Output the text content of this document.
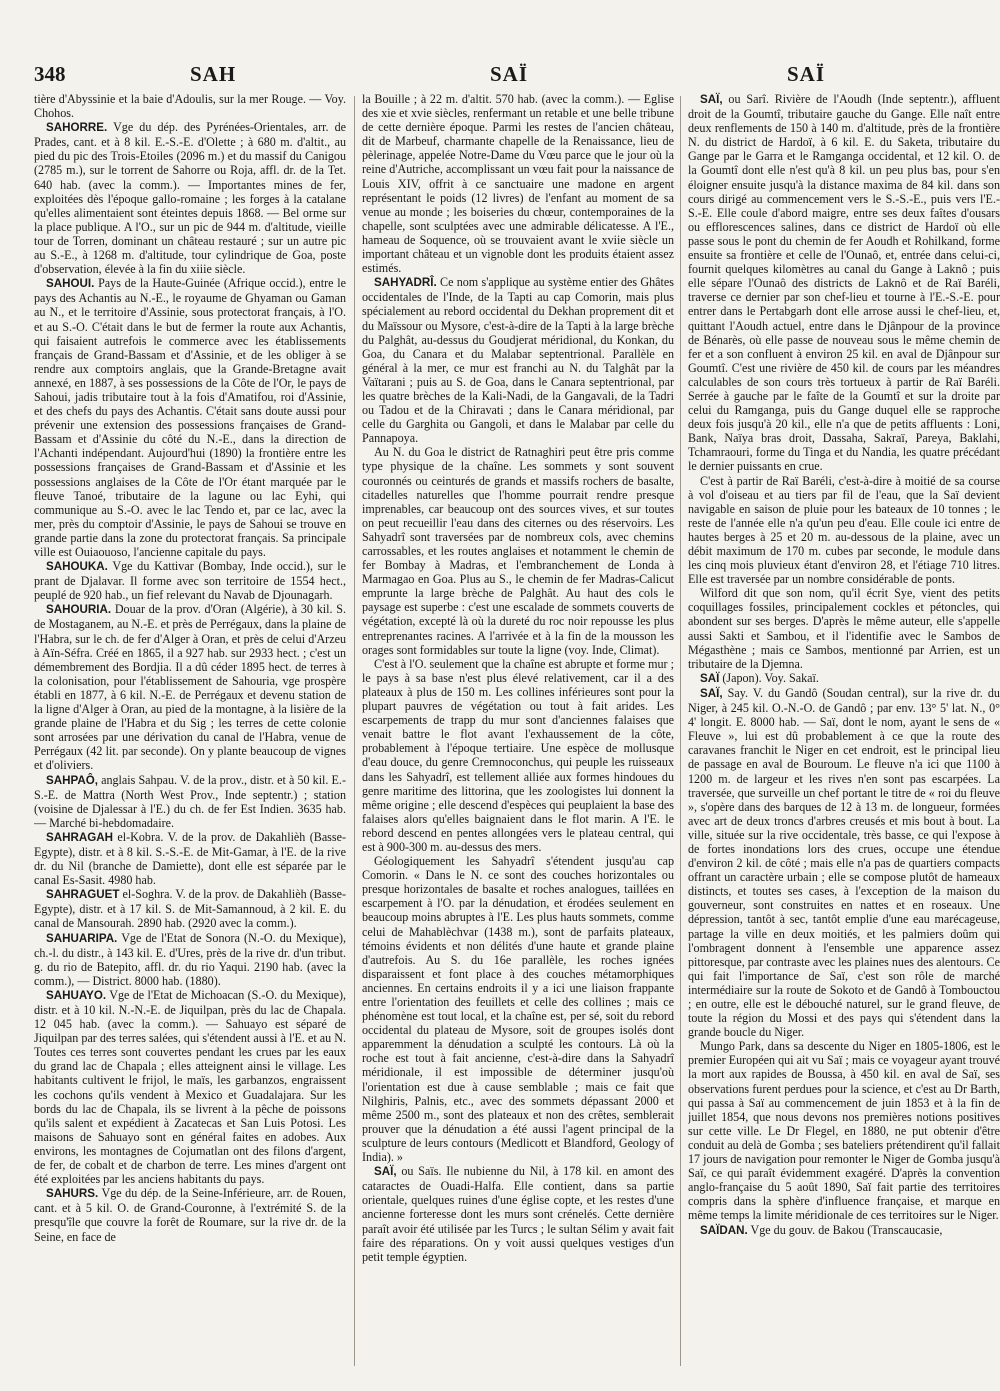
348	SAH	SAÏ	SAÏ

tière d'Abyssinie et la baie d'Adoulis, sur la mer Rouge. — Voy. Chohos.

SAHORRE. Vge du dép. des Pyrénées-Orientales, arr. de Prades, cant. et à 8 kil. E.-S.-E. d'Olette ; à 680 m. d'altit., au pied du pic des Trois-Etoiles (2096 m.) et du massif du Canigou (2785 m.), sur le torrent de Sahorre ou Roja, affl. dr. de la Tet. 640 hab. (avec la comm.). — Importantes mines de fer, exploitées dès l'époque gallo-romaine ; les forges à la catalane qu'elles alimentaient sont éteintes depuis 1868. — Bel orme sur la place publique. A l'O., sur un pic de 944 m. d'altitude, vieille tour de Torren, dominant un château restauré ; sur un autre pic au S.-E., à 1268 m. d'altitude, tour cylindrique de Goa, poste d'observation, élevée à la fin du xiiie siècle.

SAHOUI. Pays de la Haute-Guinée (Afrique occid.), entre le pays des Achantis au N.-E., le royaume de Ghyaman ou Gaman au N., et le territoire d'Assinie, sous protectorat français, à l'O. et au S.-O. C'était dans le but de fermer la route aux Achantis, qui faisaient autrefois le commerce avec les établissements français de Grand-Bassam et d'Assinie, et de les obliger à se rendre aux comptoirs anglais, que la Grande-Bretagne avait annexé, en 1887, à ses possessions de la Côte de l'Or, le pays de Sahoui, jadis tributaire tout à la fois d'Amatifou, roi d'Assinie, et des chefs du pays des Achantis. C'était sans doute aussi pour prévenir une extension des possessions françaises de Grand-Bassam et d'Assinie du côté du N.-E., dans la direction de l'Achanti indépendant. Aujourd'hui (1890) la frontière entre les possessions françaises de Grand-Bassam et d'Assinie et les possessions anglaises de la Côte de l'Or étant marquée par le fleuve Tanoé, tributaire de la lagune ou lac Eyhi, qui communique au S.-O. avec le lac Tendo et, par ce lac, avec la mer, près du comptoir d'Assinie, le pays de Sahoui se trouve en grande partie dans la zone du protectorat français. Sa principale ville est Ouiaouoso, l'ancienne capitale du pays.

SAHOUKA. Vge du Kattivar (Bombay, Inde occid.), sur le prant de Djalavar. Il forme avec son territoire de 1554 hect., peuplé de 920 hab., un fief relevant du Navab de Djounagarh.

SAHOURIA. Douar de la prov. d'Oran (Algérie), à 30 kil. S. de Mostaganem, au N.-E. et près de Perrégaux, dans la plaine de l'Habra, sur le ch. de fer d'Alger à Oran, et près de celui d'Arzeu à Aïn-Séfra. Créé en 1865, il a 927 hab. sur 2933 hect. ; c'est un démembrement des Bordjia. Il a dû céder 1895 hect. de terres à la colonisation, pour l'établissement de Sahouria, vge prospère établi en 1877, à 6 kil. N.-E. de Perrégaux et devenu station de la ligne d'Alger à Oran, au pied de la montagne, à la lisière de la grande plaine de l'Habra et du Sig ; les terres de cette colonie sont arrosées par une dérivation du canal de l'Habra, venue de Perrégaux (42 lit. par seconde). On y plante beaucoup de vignes et d'oliviers.

SAHPAÔ, anglais Sahpau. V. de la prov., distr. et à 50 kil. E.-S.-E. de Mattra (North West Prov., Inde septentr.) ; station (voisine de Djalessar à l'E.) du ch. de fer Est Indien. 3635 hab. — Marché bi-hebdomadaire.

SAHRAGAH el-Kobra. V. de la prov. de Dakahlièh (Basse-Egypte), distr. et à 8 kil. S.-S.-E. de Mit-Gamar, à l'E. de la rive dr. du Nil (branche de Damiette), dont elle est séparée par le canal Es-Sasit. 4980 hab.

SAHRAGUET el-Soghra. V. de la prov. de Dakahlièh (Basse-Egypte), distr. et à 17 kil. S. de Mit-Samannoud, à 2 kil. E. du canal de Mansourah. 2890 hab. (2920 avec la comm.).

SAHUARIPA. Vge de l'Etat de Sonora (N.-O. du Mexique), ch.-l. du distr., à 143 kil. E. d'Ures, près de la rive dr. d'un tribut. g. du rio de Batepito, affl. dr. du rio Yaqui. 2190 hab. (avec la comm.), — District. 8000 hab. (1880).

SAHUAYO. Vge de l'Etat de Michoacan (S.-O. du Mexique), distr. et à 10 kil. N.-N.-E. de Jiquilpan, près du lac de Chapala. 12 045 hab. (avec la comm.). — Sahuayo est séparé de Jiquilpan par des terres salées, qui s'étendent aussi à l'E. et au N. Toutes ces terres sont couvertes pendant les crues par les eaux du grand lac de Chapala ; elles atteignent ainsi le village. Les habitants cultivent le frijol, le maïs, les garbanzos, engraissent les cochons qu'ils vendent à Mexico et Guadalajara. Sur les bords du lac de Chapala, ils se livrent à la pêche de poissons qu'ils salent et expédient à Zacatecas et San Luis Potosi. Les maisons de Sahuayo sont en général faites en adobes. Aux environs, les montagnes de Cojumatlan ont des filons d'argent, de fer, de cobalt et de charbon de terre. Les mines d'argent ont été exploitées par les anciens habitants du pays.

SAHURS. Vge du dép. de la Seine-Inférieure, arr. de Rouen, cant. et à 5 kil. O. de Grand-Couronne, à l'extrémité S. de la presqu'île que couvre la forêt de Roumare, sur la rive dr. de la Seine, en face de

la Bouille ; à 22 m. d'altit. 570 hab. (avec la comm.). — Eglise des xie et xvie siècles, renfermant un retable et une belle tribune de cette dernière époque. Parmi les restes de l'ancien château, dit de Marbeuf, charmante chapelle de la Renaissance, lieu de pèlerinage, appelée Notre-Dame du Vœu parce que le jour où la reine d'Autriche, accomplissant un vœu fait pour la naissance de Louis XIV, offrit à ce sanctuaire une madone en argent représentant le poids (12 livres) de l'enfant au moment de sa venue au monde ; les boiseries du chœur, contemporaines de la chapelle, sont sculptées avec une admirable délicatesse. A l'E., hameau de Soquence, où se trouvaient avant le xviie siècle un important château et un vignoble dont les produits étaient assez estimés.

SAHYADRÎ. Ce nom s'applique au système entier des Ghâtes occidentales de l'Inde, de la Tapti au cap Comorin, mais plus spécialement au rebord occidental du Dekhan proprement dit et du Maïssour ou Mysore, c'est-à-dire de la Tapti à la large brèche du Palghât, au-dessus du Goudjerat méridional, du Konkan, du Goa, du Canara et du Malabar septentrional. Parallèle en général à la mer, ce mur est franchi au N. du Talghât par la Vaïtarani ; puis au S. de Goa, dans le Canara septentrional, par les quatre brèches de la Kali-Nadi, de la Gangavali, de la Tadri ou Tadou et de la Chiravati ; dans le Canara méridional, par celle du Garghita ou Gangoli, et dans le Malabar par celle du Pannapoya.

Au N. du Goa le district de Ratnaghiri peut être pris comme type physique de la chaîne. Les sommets y sont souvent couronnés ou ceinturés de grands et massifs rochers de basalte, citadelles naturelles que l'homme pourrait rendre presque imprenables, car beaucoup ont des sources vives, et sur toutes on peut recueillir l'eau dans des citernes ou des réservoirs. Les Sahyadrî sont traversées par de nombreux cols, avec chemins carrossables, et les routes anglaises et notamment le chemin de fer Bombay à Madras, et l'embranchement de Londa à Marmagao en Goa. Plus au S., le chemin de fer Madras-Calicut emprunte la large brèche de Palghât. Au haut des cols le paysage est superbe : c'est une escalade de sommets couverts de végétation, excepté là où la dureté du roc noir repousse les plus entreprenantes racines. A l'arrivée et à la fin de la mousson les orages sont formidables sur toute la ligne (voy. Inde, Climat).

C'est à l'O. seulement que la chaîne est abrupte et forme mur ; le pays à sa base n'est plus élevé relativement, car il a des plateaux à plus de 150 m. Les collines inférieures sont pour la plupart pauvres de végétation ou tout à fait arides. Les escarpements de trapp du mur sont d'anciennes falaises que venait battre le flot avant l'exhaussement de la côte, probablement à l'époque tertiaire. Une espèce de mollusque d'eau douce, du genre Cremnoconchus, qui peuple les ruisseaux dans les Sahyadrî, est tellement alliée aux formes hindoues du genre maritime des littorina, que les zoologistes lui donnent la même origine ; elle descend d'espèces qui peuplaient la base des falaises alors qu'elles baignaient dans le flot marin. A l'E. le rebord descend en pentes allongées vers le plateau central, qui est à 900-300 m. au-dessus des mers.

Géologiquement les Sahyadrî s'étendent jusqu'au cap Comorin. « Dans le N. ce sont des couches horizontales ou presque horizontales de basalte et roches analogues, taillées en escarpement à l'O. par la dénudation, et érodées seulement en beaucoup moins abruptes à l'E. Les plus hauts sommets, comme celui de Mahablèchvar (1438 m.), sont de parfaits plateaux, témoins évidents et non délités d'une haute et grande plaine d'autrefois. Au S. du 16e parallèle, les roches ignées disparaissent et font place à des couches métamorphiques anciennes. En certains endroits il y a ici une liaison frappante entre l'orientation des feuillets et celle des collines ; mais ce phénomène est tout local, et la chaîne est, per sé, soit du rebord occidental du plateau de Mysore, soit de groupes isolés dont apparemment la dénudation a sculpté les contours. Là où la roche est tout à fait ancienne, c'est-à-dire dans la Sahyadrî méridionale, il est impossible de déterminer jusqu'où l'orientation est due à cause semblable ; mais ce fait que Nilghiris, Palnis, etc., avec des sommets dépassant 2000 et même 2500 m., sont des plateaux et non des crêtes, semblerait prouver que la dénudation a été aussi l'agent principal de la sculpture de leurs contours (Medlicott et Blandford, Geology of India). »

SAÏ, ou Saïs. Ile nubienne du Nil, à 178 kil. en amont des cataractes de Ouadi-Halfa. Elle contient, dans sa partie orientale, quelques ruines d'une église copte, et les restes d'une ancienne forteresse dont les murs sont crénelés. Cette dernière paraît avoir été utilisée par les Turcs ; le sultan Sélim y avait fait faire des réparations. On y voit aussi quelques vestiges d'un petit temple égyptien.

SAÏ, ou Sarî. Rivière de l'Aoudh (Inde septentr.), affluent droit de la Goumtî, tributaire gauche du Gange. Elle naît entre deux renflements de 150 à 140 m. d'altitude, près de la frontière N. du district de Hardoï, à 6 kil. E. du Saketa, tributaire du Gange par le Garra et le Ramganga occidental, et 12 kil. O. de la Goumtî dont elle n'est qu'à 8 kil. un peu plus bas, pour s'en éloigner ensuite jusqu'à la distance maxima de 84 kil. dans son cours dirigé au commencement vers le S.-S.-E., puis vers l'E.-S.-E. Elle coule d'abord maigre, entre ses deux faîtes d'ousars ou efflorescences salines, dans ce district de Hardoï où elle passe sous le pont du chemin de fer Aoudh et Rohilkand, forme ensuite sa frontière et celle de l'Ounaô, et, entrée dans celui-ci, fournit quelques kilomètres au canal du Gange à Laknô ; puis elle sépare l'Ounaô des districts de Laknô et de Raï Baréli, traverse ce dernier par son chef-lieu et tourne à l'E.-S.-E. pour entrer dans le Pertabgarh dont elle arrose aussi le chef-lieu, et, quittant l'Aoudh actuel, entre dans le Djânpour de la province de Bénarès, où elle passe de nouveau sous le même chemin de fer et a son confluent à environ 25 kil. en aval de Djânpour sur Goumtî. C'est une rivière de 450 kil. de cours par les méandres calculables de son cours très tortueux à partir de Raï Baréli. Serrée à gauche par le faîte de la Goumtî et sur la droite par celui du Ramganga, puis du Gange duquel elle se rapproche deux fois jusqu'à 20 kil., elle n'a que de petits affluents : Loni, Bank, Naïya bras droit, Dassaha, Sakraï, Pareya, Baklahi, Tchamraouri, forme du Tinga et du Nandia, les quatre précédant le dernier puissants en crue.

C'est à partir de Raï Baréli, c'est-à-dire à moitié de sa course à vol d'oiseau et au tiers par fil de l'eau, que la Saï devient navigable en saison de pluie pour les bateaux de 10 tonnes ; le reste de l'année elle n'a qu'un peu d'eau. Elle coule ici entre de hautes berges à 25 et 20 m. au-dessous de la plaine, avec un débit maximum de 170 m. cubes par seconde, le module dans les cinq mois pluvieux étant d'environ 28, et l'étiage 710 litres. Elle est traversée par un nombre considérable de ponts.

Wilford dit que son nom, qu'il écrit Sye, vient des petits coquillages fossiles, principalement cockles et pétoncles, qui abondent sur ses berges. D'après le même auteur, elle s'appelle aussi Sakti et Sambou, et il l'identifie avec le Sambos de Mégasthène ; mais ce Sambos, mentionné par Arrien, est un tributaire de la Djemna.

SAÏ (Japon). Voy. Sakaï.

SAÏ, Say. V. du Gandô (Soudan central), sur la rive dr. du Niger, à 245 kil. O.-N.-O. de Gandô ; par env. 13° 5' lat. N., 0° 4' longit. E. 8000 hab. — Saï, dont le nom, ayant le sens de « Fleuve », lui est dû probablement à ce que la route des caravanes franchit le Niger en cet endroit, est le principal lieu de passage en aval de Bouroum. Le fleuve n'a ici que 1100 à 1200 m. de largeur et les rives n'en sont pas escarpées. La traversée, que surveille un chef portant le titre de « roi du fleuve », s'opère dans des barques de 12 à 13 m. de longueur, formées avec art de deux troncs d'arbres creusés et mis bout à bout. La ville, située sur la rive occidentale, très basse, ce qui l'expose à de fortes inondations lors des crues, occupe une étendue d'environ 2 kil. de côté ; mais elle n'a pas de quartiers compacts offrant un caractère urbain ; elle se compose plutôt de hameaux distincts, et toutes ses cases, à l'exception de la maison du gouverneur, sont construites en nattes et en roseaux. Une dépression, tantôt à sec, tantôt emplie d'une eau marécageuse, partage la ville en deux moitiés, et les palmiers doûm qui l'ombragent donnent à l'ensemble une apparence assez pittoresque, par contraste avec les plaines nues des alentours. Ce qui fait l'importance de Saï, c'est son rôle de marché intermédiaire sur la route de Sokoto et de Gandô à Tombouctou ; en outre, elle est le débouché naturel, sur le grand fleuve, de toute la région du Mossi et des pays qui s'étendent dans la grande boucle du Niger.

Mungo Park, dans sa descente du Niger en 1805-1806, est le premier Européen qui ait vu Saï ; mais ce voyageur ayant trouvé la mort aux rapides de Boussa, à 450 kil. en aval de Saï, ses observations furent perdues pour la science, et c'est au Dr Barth, qui passa à Saï au commencement de juin 1853 et à la fin de juillet 1854, que nous devons nos premières notions positives sur cette ville. Le Dr Flegel, en 1880, ne put obtenir d'être conduit au delà de Gomba ; ses bateliers prétendirent qu'il fallait 17 jours de navigation pour remonter le Niger de Gomba jusqu'à Saï, ce qui paraît évidemment exagéré. D'après la convention anglo-française du 5 août 1890, Saï fait partie des territoires compris dans la sphère d'influence française, et marque en même temps la limite méridionale de ces territoires sur le Niger.

SAÏDAN. Vge du gouv. de Bakou (Transcaucasie,
